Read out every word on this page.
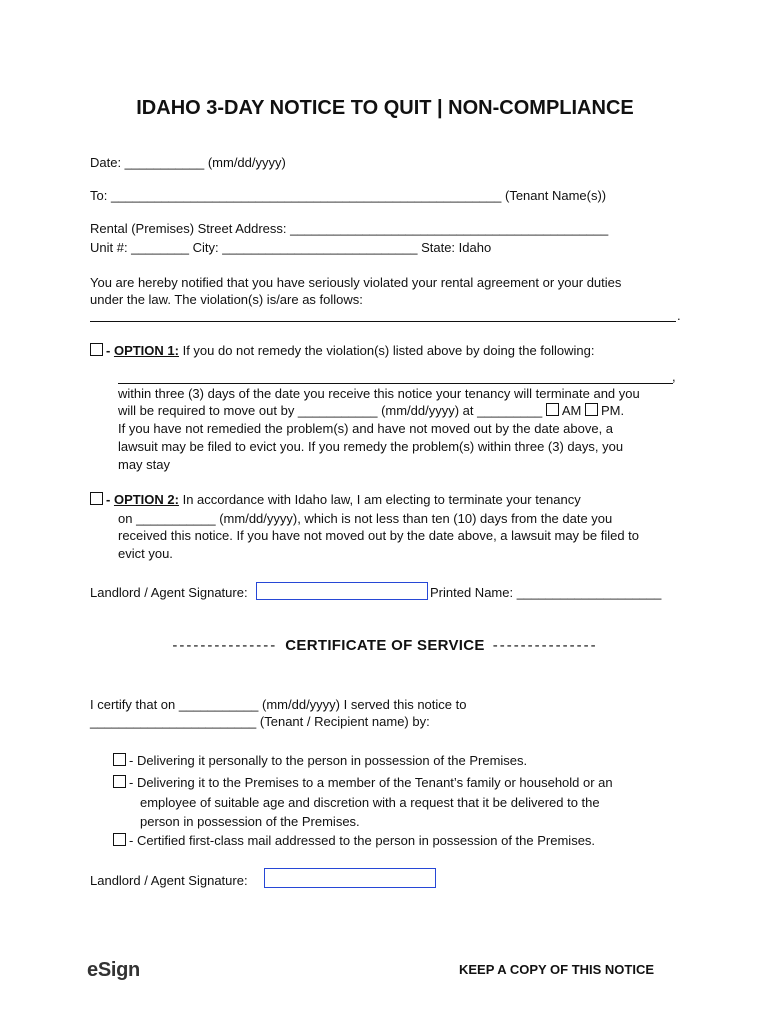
IDAHO 3-DAY NOTICE TO QUIT | NON-COMPLIANCE

Date: ___________ (mm/dd/yyyy)

To: ______________________________________________________ (Tenant Name(s))

Rental (Premises) Street Address: ____________________________________________

Unit #: ________ City: ___________________________ State: Idaho

You are hereby notified that you have seriously violated your rental agreement or your duties

under the law. The violation(s) is/are as follows:

.

- OPTION 1: If you do not remedy the violation(s) listed above by doing the following:

,

within three (3) days of the date you receive this notice your tenancy will terminate and you

will be required to move out by ___________ (mm/dd/yyyy) at _________ AM PM.

If you have not remedied the problem(s) and have not moved out by the date above, a

lawsuit may be filed to evict you. If you remedy the problem(s) within three (3) days, you

may stay

- OPTION 2: In accordance with Idaho law, I am electing to terminate your tenancy

on ___________ (mm/dd/yyyy), which is not less than ten (10) days from the date you

received this notice. If you have not moved out by the date above, a lawsuit may be filed to

evict you.

Landlord / Agent Signature:	Printed Name: ____________________

--------------- CERTIFICATE OF SERVICE ---------------

I certify that on ___________ (mm/dd/yyyy) I served this notice to

_______________________ (Tenant / Recipient name) by:

- Delivering it personally to the person in possession of the Premises.

- Delivering it to the Premises to a member of the Tenant’s family or household or an

employee of suitable age and discretion with a request that it be delivered to the

person in possession of the Premises.

- Certified first-class mail addressed to the person in possession of the Premises.

Landlord / Agent Signature:

eSign	KEEP A COPY OF THIS NOTICE
